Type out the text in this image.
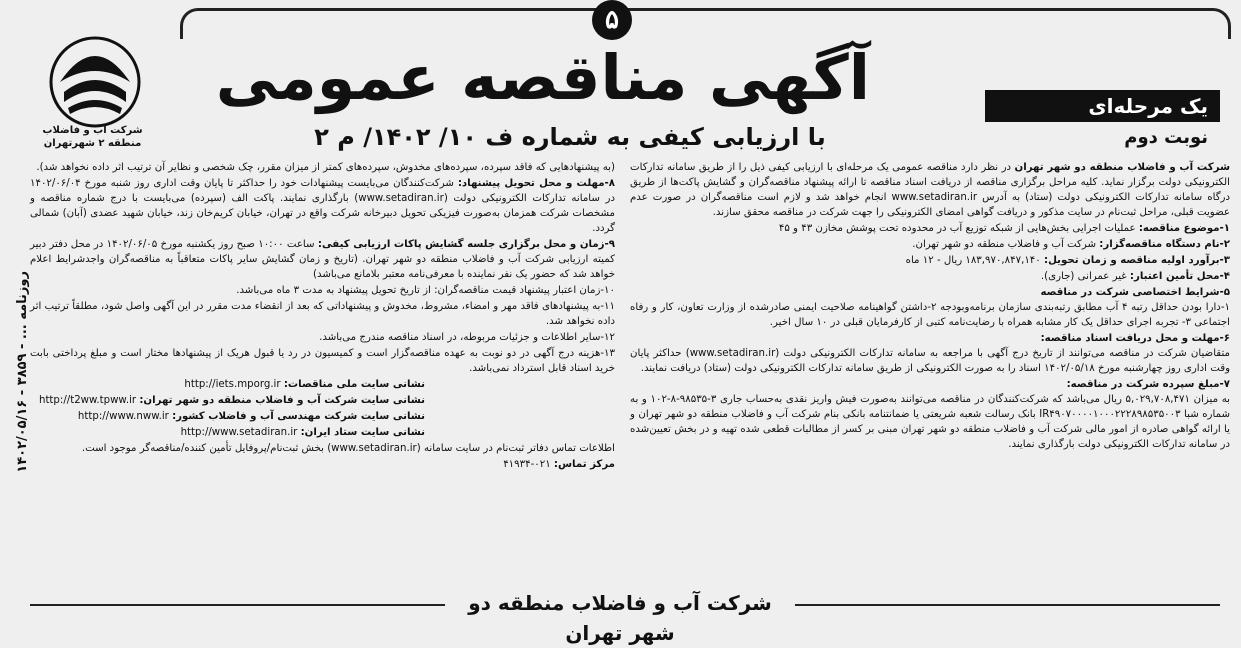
۵
آگهی مناقصه عمومی
با ارزیابی کیفی به شماره ف ۱۰/ ۱۴۰۲/ م ۲
یک مرحله‌ای
نوبت دوم
شرکت آب و فاضلاب
منطقه ۲ شهرتهران
روزنامه ... - ۳۸۵۹ - ۱۴۰۲/۰۵/۱۶

شرکت آب و فاضلاب منطقه دو شهر تهران در نظر دارد مناقصه عمومی یک مرحله‌ای با ارزیابی کیفی ذیل را از طریق سامانه تدارکات الکترونیکی دولت برگزار نماید. کلیه مراحل برگزاری مناقصه از دریافت اسناد مناقصه تا ارائه پیشنهاد مناقصه‌گران و گشایش پاکت‌ها از طریق درگاه سامانه تدارکات الکترونیکی دولت (ستاد) به آدرس www.setadiran.ir انجام خواهد شد و لازم است مناقصه‌گران در صورت عدم عضویت قبلی، مراحل ثبت‌نام در سایت مذکور و دریافت گواهی امضای الکترونیکی را جهت شرکت در مناقصه محقق سازند.

۱-موضوع مناقصه: عملیات اجرایی بخش‌هایی از شبکه توزیع آب در محدوده تحت پوشش مخازن ۴۳ و ۴۵

۲-نام دستگاه مناقصه‌گزار: شرکت آب و فاضلاب منطقه دو شهر تهران.

۳-برآورد اولیه مناقصه و زمان تحویل: ۱۸۳,۹۷۰,۸۴۷,۱۴۰ ریال - ۱۲ ماه

۴-محل تأمین اعتبار: غیر عمرانی (جاری).

۵-شرایط اختصاصی شرکت در مناقصه
۱-دارا بودن حداقل رتبه ۴ آب مطابق رتبه‌بندی سازمان برنامه‌وبودجه ۲-داشتن گواهینامه صلاحیت ایمنی صادرشده از وزارت تعاون، کار و رفاه اجتماعی ۳- تجربه اجرای حداقل یک کار مشابه همراه با رضایت‌نامه کتبی از کارفرمایان قبلی در ۱۰ سال اخیر.

۶-مهلت و محل دریافت اسناد مناقصه:
متقاضیان شرکت در مناقصه می‌توانند از تاریخ درج آگهی با مراجعه به سامانه تدارکات الکترونیکی دولت (www.setadiran.ir) حداکثر پایان وقت اداری روز چهارشنبه مورخ ۱۴۰۲/۰۵/۱۸ اسناد را به صورت الکترونیکی از طریق سامانه تدارکات الکترونیکی دولت (ستاد) دریافت نمایند.

۷-مبلغ سپرده شرکت در مناقصه:
به میزان ۵,۰۲۹,۷۰۸,۴۷۱ ریال می‌باشد که شرکت‌کنندگان در مناقصه می‌توانند به‌صورت فیش واریز نقدی به‌حساب جاری ۳-۹۸۵۳۵-۸-۱۰۲ و به شماره شبا IR۴۹۰۷۰۰۰۰۱۰۰۰۲۲۲۸۹۸۵۳۵۰۰۳ بانک رسالت شعبه شریعتی یا ضمانتنامه بانکی بنام شرکت آب و فاضلاب منطقه دو شهر تهران و یا ارائه گواهی صادره از امور مالی شرکت آب و فاضلاب منطقه دو شهر تهران مبنی بر کسر از مطالبات قطعی شده تهیه و در بخش تعیین‌شده در سامانه تدارکات الکترونیکی دولت بارگذاری نمایند.

(به پیشنهادهایی که فاقد سپرده، سپرده‌های مخدوش، سپرده‌های کمتر از میزان مقرر، چک شخصی و نظایر آن ترتیب اثر داده نخواهد شد).

۸-مهلت و محل تحویل پیشنهاد: شرکت‌کنندگان می‌بایست پیشنهادات خود را حداکثر تا پایان وقت اداری روز شنبه مورخ ۱۴۰۲/۰۶/۰۴ در سامانه تدارکات الکترونیکی دولت (www.setadiran.ir) بارگذاری نمایند. پاکت الف (سپرده) می‌بایست با درج شماره مناقصه و مشخصات شرکت همزمان به‌صورت فیزیکی تحویل دبیرخانه شرکت واقع در تهران، خیابان کریم‌خان زند، خیابان شهید عضدی (آبان) شمالی گردد.

۹-زمان و محل برگزاری جلسه گشایش پاکات ارزیابی کیفی: ساعت ۱۰:۰۰ صبح روز یکشنبه مورخ ۱۴۰۲/۰۶/۰۵ در محل دفتر دبیر کمیته ارزیابی شرکت آب و فاضلاب منطقه دو شهر تهران. (تاریخ و زمان گشایش سایر پاکات متعاقباً به مناقصه‌گران واجدشرایط اعلام خواهد شد که حضور یک نفر نماینده با معرفی‌نامه معتبر بلامانع می‌باشد)

۱۰-زمان اعتبار پیشنهاد قیمت مناقصه‌گران: از تاریخ تحویل پیشنهاد به مدت ۳ ماه می‌باشد.

۱۱-به پیشنهادهای فاقد مهر و امضاء، مشروط، مخدوش و پیشنهاداتی که بعد از انقضاء مدت مقرر در این آگهی واصل شود، مطلقاً ترتیب اثر داده نخواهد شد.

۱۲-سایر اطلاعات و جزئیات مربوطه، در اسناد مناقصه مندرج می‌باشد.

۱۳-هزینه درج آگهی در دو نوبت به عهده مناقصه‌گزار است و کمیسیون در رد یا قبول هریک از پیشنهادها مختار است و مبلغ پرداختی بابت خرید اسناد قابل استرداد نمی‌باشد.

نشانی سایت ملی مناقصات: http://iets.mporg.ir

نشانی سایت شرکت آب و فاضلاب منطقه دو شهر تهران: http://t2ww.tpww.ir

نشانی سایت شرکت مهندسی آب و فاضلاب کشور: http://www.nww.ir

نشانی سایت ستاد ایران: http://www.setadiran.ir

اطلاعات تماس دفاتر ثبت‌نام در سایت سامانه (www.setadiran.ir) بخش ثبت‌نام/پروفایل تأمین کننده/مناقصه‌گر موجود است.

مرکز تماس: ۰۲۱-۴۱۹۳۴

شرکت آب و فاضلاب منطقه دو شهر تهران
